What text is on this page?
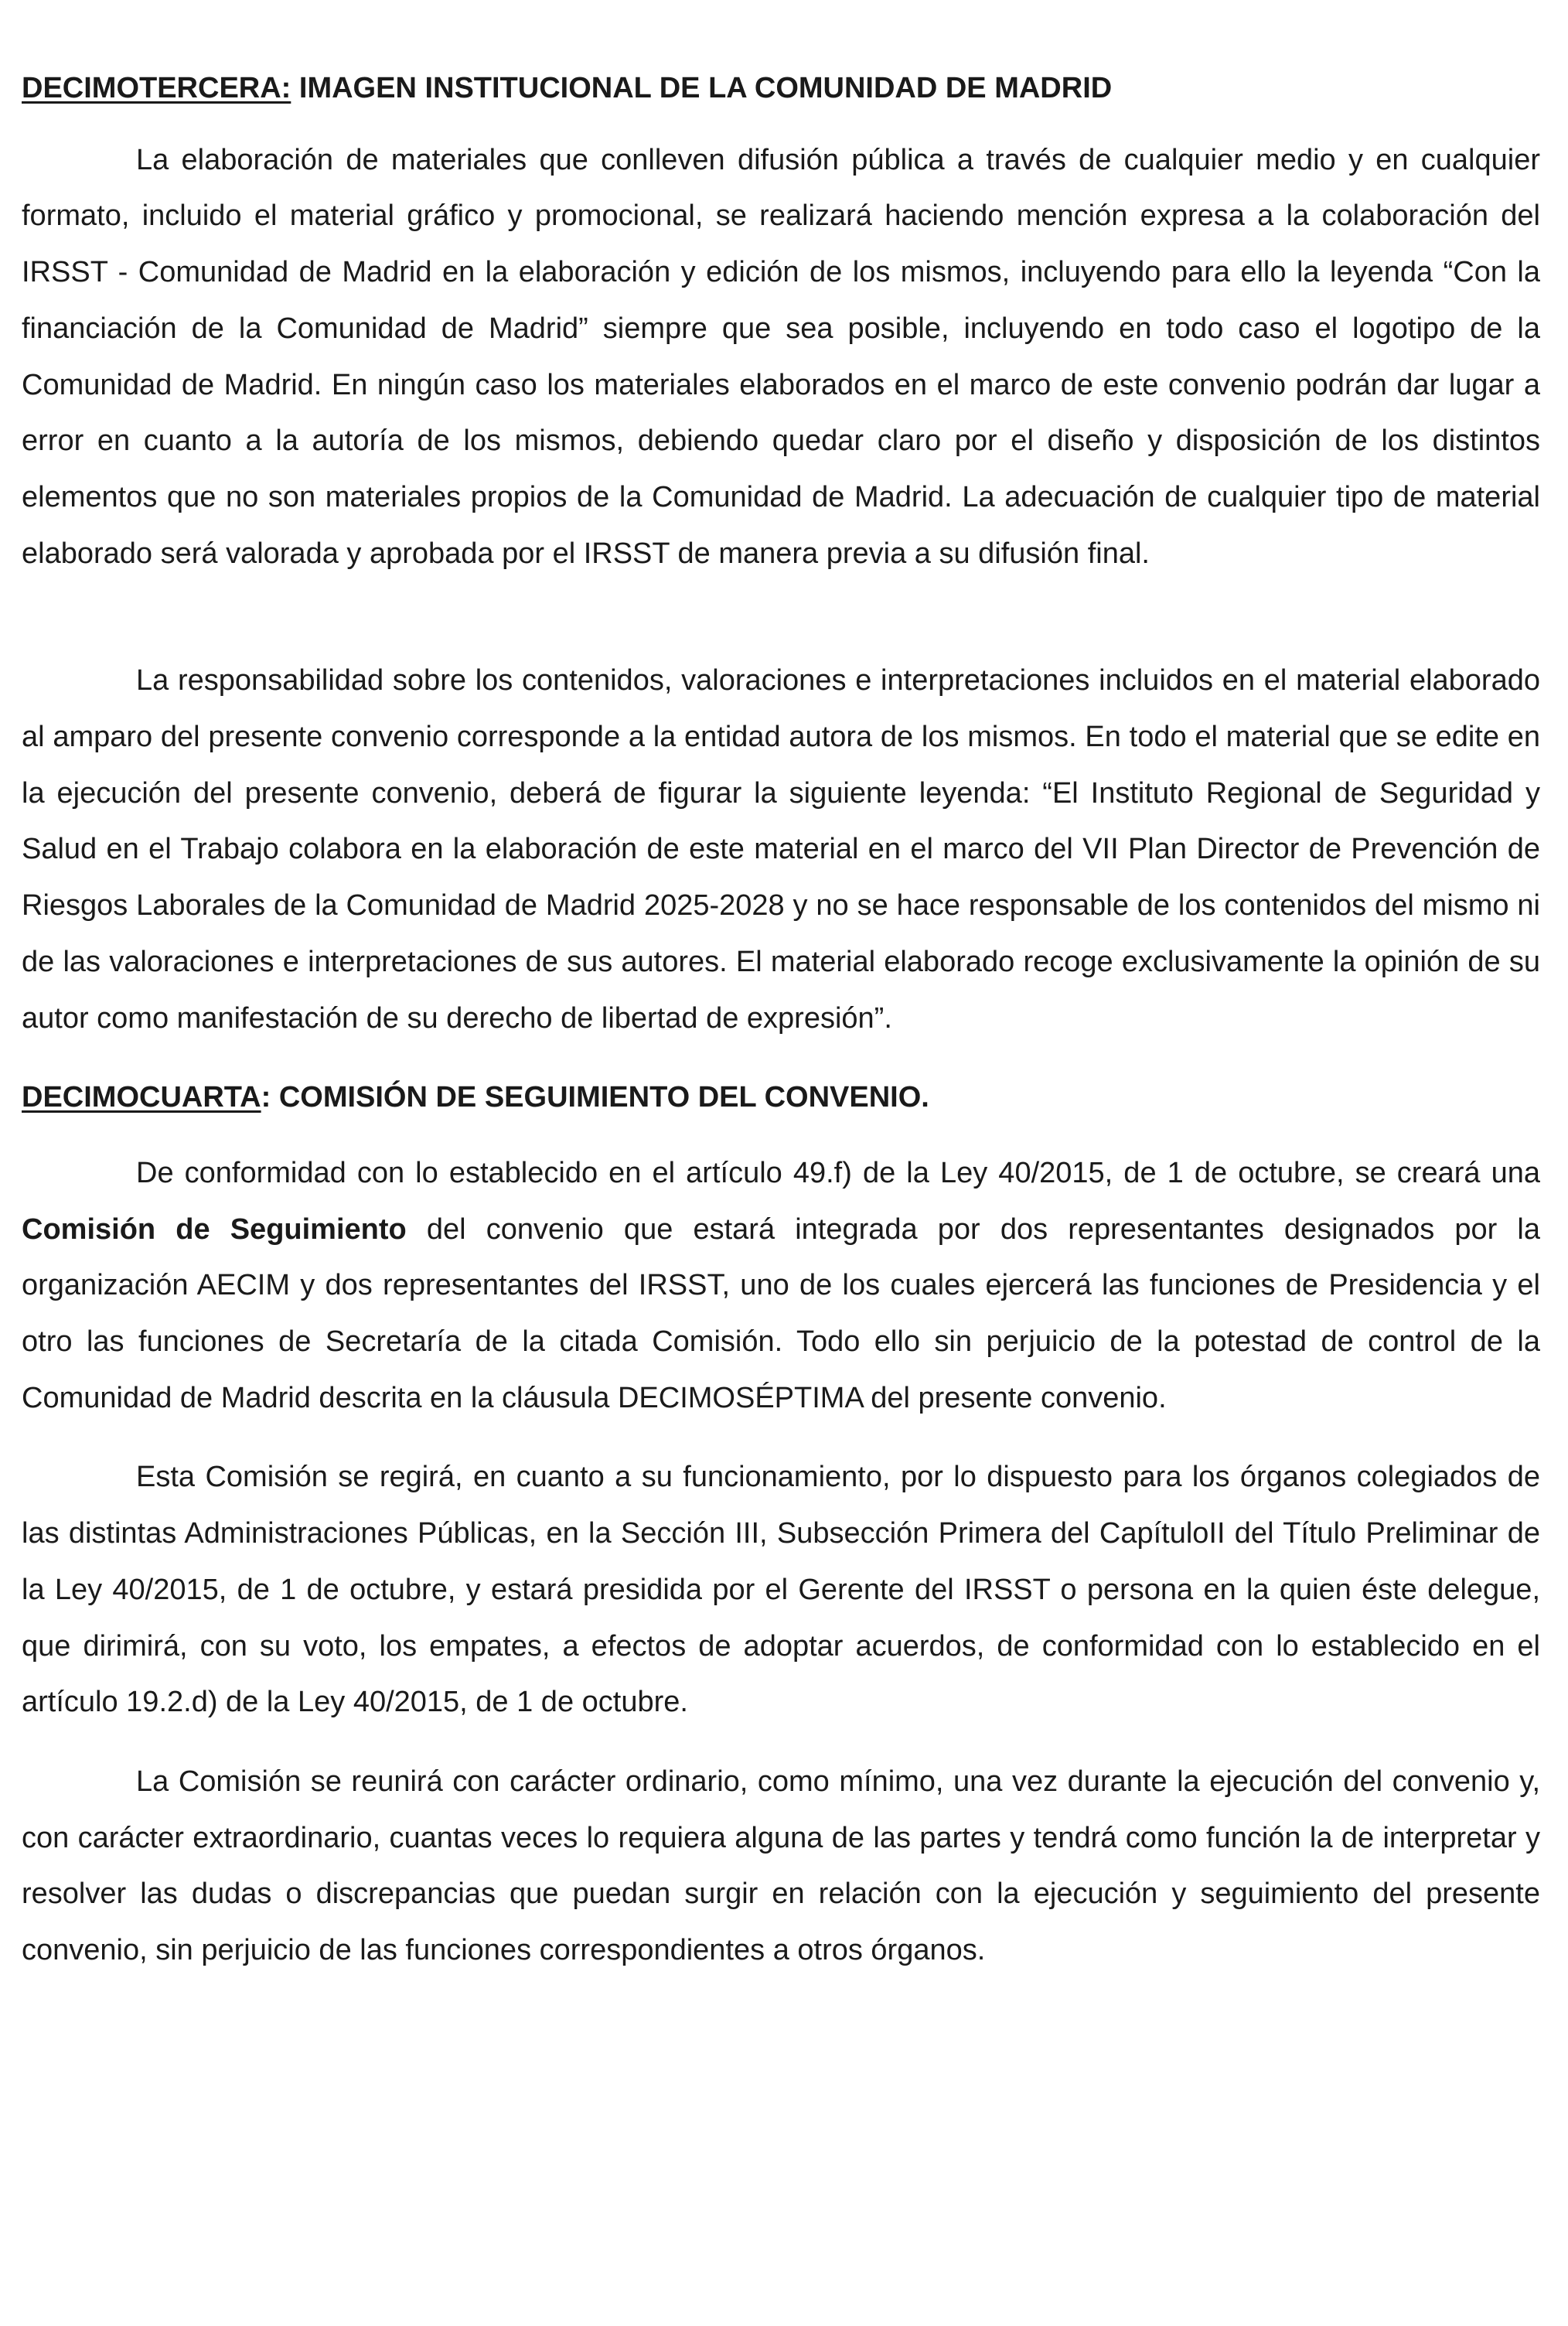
DECIMOTERCERA: IMAGEN INSTITUCIONAL DE LA COMUNIDAD DE MADRID

La elaboración de materiales que conlleven difusión pública a través de cualquier medio y en cualquier formato, incluido el material gráfico y promocional, se realizará haciendo mención expresa a la colaboración del IRSST - Comunidad de Madrid en la elaboración y edición de los mismos, incluyendo para ello la leyenda “Con la financiación de la Comunidad de Madrid” siempre que sea posible, incluyendo en todo caso el logotipo de la Comunidad de Madrid. En ningún caso los materiales elaborados en el marco de este convenio podrán dar lugar a error en cuanto a la autoría de los mismos, debiendo quedar claro por el diseño y disposición de los distintos elementos que no son materiales propios de la Comunidad de Madrid. La adecuación de cualquier tipo de material elaborado será valorada y aprobada por el IRSST de manera previa a su difusión final.

La responsabilidad sobre los contenidos, valoraciones e interpretaciones incluidos en el material elaborado al amparo del presente convenio corresponde a la entidad autora de los mismos. En todo el material que se edite en la ejecución del presente convenio, deberá de figurar la siguiente leyenda: “El Instituto Regional de Seguridad y Salud en el Trabajo colabora en la elaboración de este material en el marco del VII Plan Director de Prevención de Riesgos Laborales de la Comunidad de Madrid 2025-2028 y no se hace responsable de los contenidos del mismo ni de las valoraciones e interpretaciones de sus autores. El material elaborado recoge exclusivamente la opinión de su autor como manifestación de su derecho de libertad de expresión”.

DECIMOCUARTA: COMISIÓN DE SEGUIMIENTO DEL CONVENIO.

De conformidad con lo establecido en el artículo 49.f) de la Ley 40/2015, de 1 de octubre, se creará una Comisión de Seguimiento del convenio que estará integrada por dos representantes designados por la organización AECIM y dos representantes del IRSST, uno de los cuales ejercerá las funciones de Presidencia y el otro las funciones de Secretaría de la citada Comisión. Todo ello sin perjuicio de la potestad de control de la Comunidad de Madrid descrita en la cláusula DECIMOSÉPTIMA del presente convenio.

Esta Comisión se regirá, en cuanto a su funcionamiento, por lo dispuesto para los órganos colegiados de las distintas Administraciones Públicas, en la Sección III, Subsección Primera del CapítuloII del Título Preliminar de la Ley 40/2015, de 1 de octubre, y estará presidida por el Gerente del IRSST o persona en la quien éste delegue, que dirimirá, con su voto, los empates, a efectos de adoptar acuerdos, de conformidad con lo establecido en el artículo 19.2.d) de la Ley 40/2015, de 1 de octubre.

La Comisión se reunirá con carácter ordinario, como mínimo, una vez durante la ejecución del convenio y, con carácter extraordinario, cuantas veces lo requiera alguna de las partes y tendrá como función la de interpretar y resolver las dudas o discrepancias que puedan surgir en relación con la ejecución y seguimiento del presente convenio, sin perjuicio de las funciones correspondientes a otros órganos.
